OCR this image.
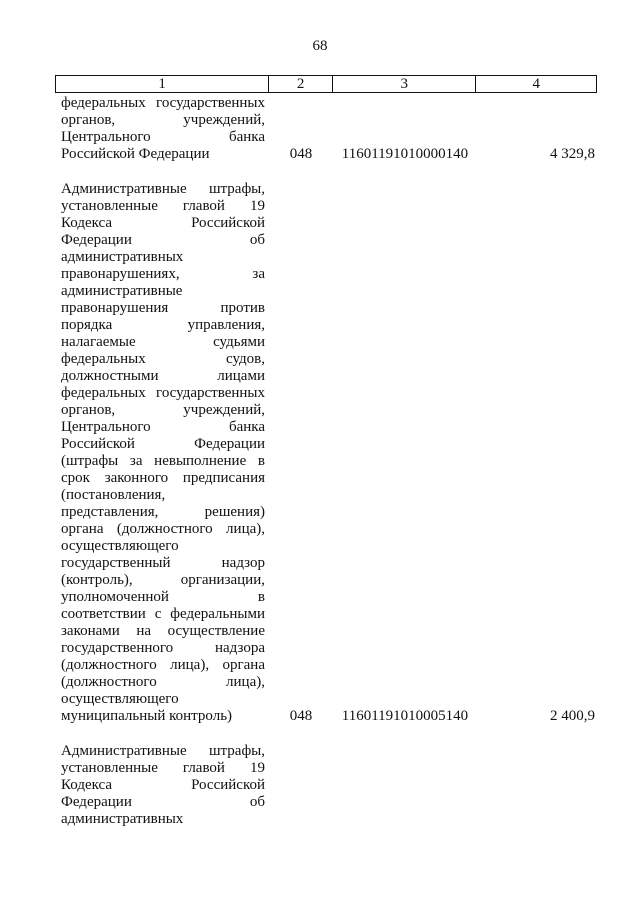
68
1	2	3	4
федеральных государственных
органов, учреждений,
Центрального банка
Российской Федерации	048	11601191010000140	4 329,8
Административные штрафы,
установленные главой 19
Кодекса Российской
Федерации об
административных
правонарушениях, за
административные
правонарушения против
порядка управления,
налагаемые судьями
федеральных судов,
должностными лицами
федеральных государственных
органов, учреждений,
Центрального банка
Российской Федерации
(штрафы за невыполнение в
срок законного предписания
(постановления,
представления, решения)
органа (должностного лица),
осуществляющего
государственный надзор
(контроль), организации,
уполномоченной в
соответствии с федеральными
законами на осуществление
государственного надзора
(должностного лица), органа
(должностного лица),
осуществляющего
муниципальный контроль)	048	11601191010005140	2 400,9
Административные штрафы,
установленные главой 19
Кодекса Российской
Федерации об
административных
